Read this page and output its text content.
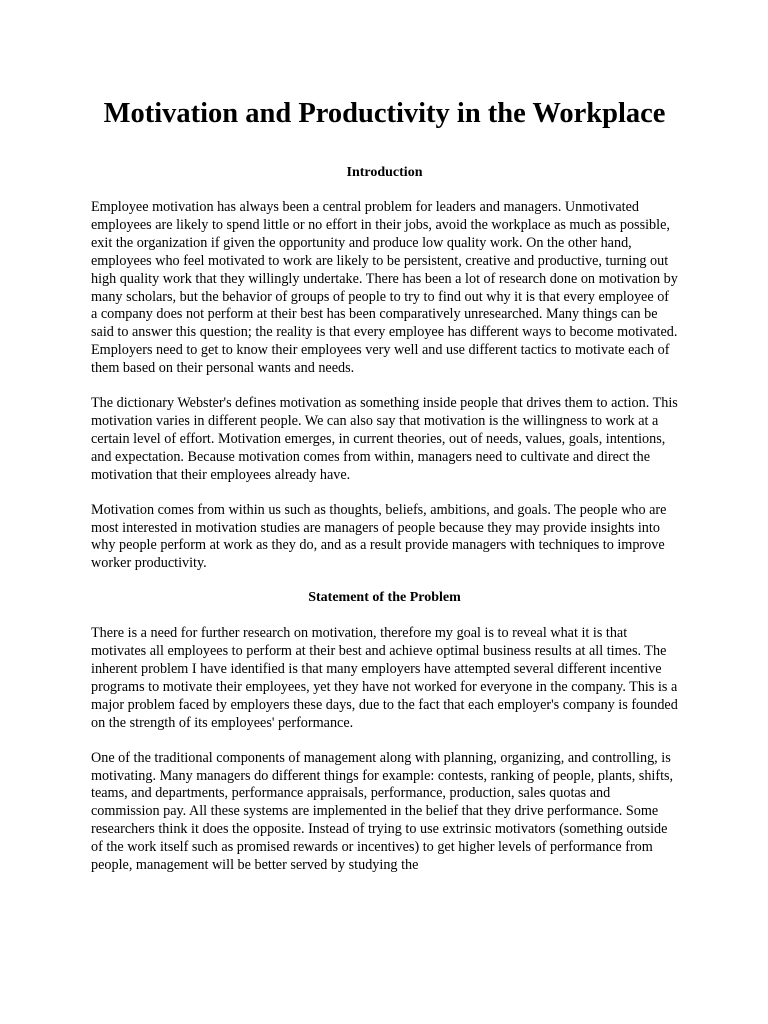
Motivation and Productivity in the Workplace
Introduction

Employee motivation has always been a central problem for leaders and managers. Unmotivated employees are likely to spend little or no effort in their jobs, avoid the workplace as much as possible, exit the organization if given the opportunity and produce low quality work. On the other hand, employees who feel motivated to work are likely to be persistent, creative and productive, turning out high quality work that they willingly undertake. There has been a lot of research done on motivation by many scholars, but the behavior of groups of people to try to find out why it is that every employee of a company does not perform at their best has been comparatively unresearched. Many things can be said to answer this question; the reality is that every employee has different ways to become motivated. Employers need to get to know their employees very well and use different tactics to motivate each of them based on their personal wants and needs.

The dictionary Webster's defines motivation as something inside people that drives them to action. This motivation varies in different people. We can also say that motivation is the willingness to work at a certain level of effort. Motivation emerges, in current theories, out of needs, values, goals, intentions, and expectation. Because motivation comes from within, managers need to cultivate and direct the motivation that their employees already have.

Motivation comes from within us such as thoughts, beliefs, ambitions, and goals. The people who are most interested in motivation studies are managers of people because they may provide insights into why people perform at work as they do, and as a result provide managers with techniques to improve worker productivity.

Statement of the Problem

There is a need for further research on motivation, therefore my goal is to reveal what it is that motivates all employees to perform at their best and achieve optimal business results at all times. The inherent problem I have identified is that many employers have attempted several different incentive programs to motivate their employees, yet they have not worked for everyone in the company. This is a major problem faced by employers these days, due to the fact that each employer's company is founded on the strength of its employees' performance.

One of the traditional components of management along with planning, organizing, and controlling, is motivating. Many managers do different things for example: contests, ranking of people, plants, shifts, teams, and departments, performance appraisals, performance, production, sales quotas and commission pay. All these systems are implemented in the belief that they drive performance. Some researchers think it does the opposite. Instead of trying to use extrinsic motivators (something outside of the work itself such as promised rewards or incentives) to get higher levels of performance from people, management will be better served by studying the
